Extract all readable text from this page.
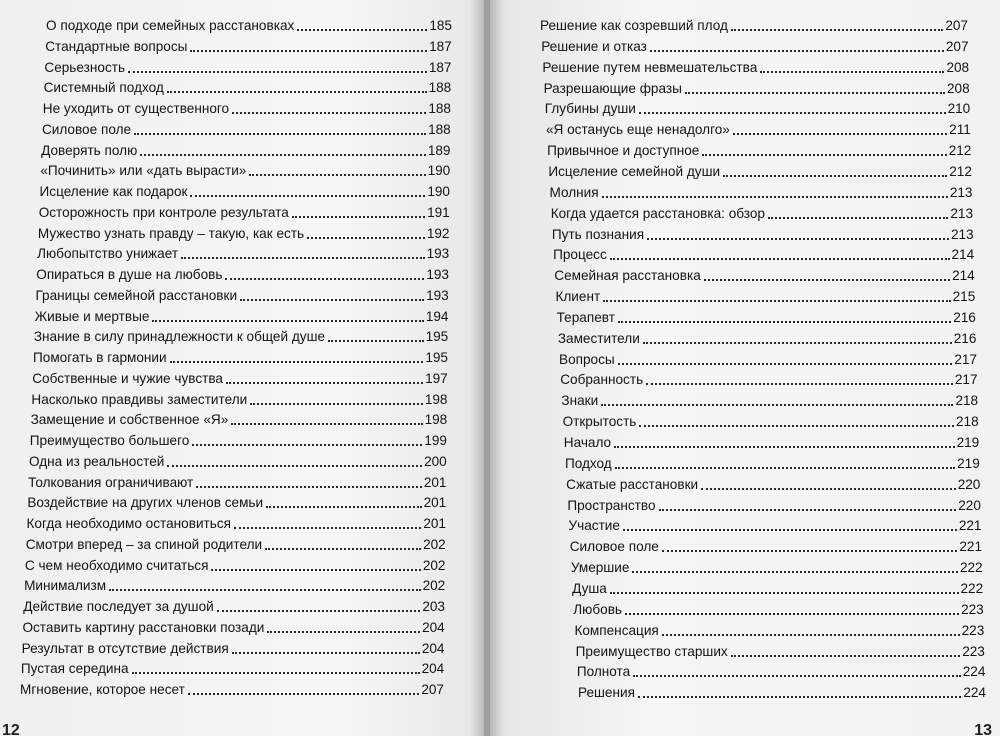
О подходе при семейных расстановках	185
Стандартные вопросы	187
Серьезность	187
Системный подход	188
Не уходить от существенного	188
Силовое поле	188
Доверять полю	189
«Починить» или «дать вырасти»	190
Исцеление как подарок	190
Осторожность при контроле результата	191
Мужество узнать правду – такую, как есть	192
Любопытство унижает	193
Опираться в душе на любовь	193
Границы семейной расстановки	193
Живые и мертвые	194
Знание в силу принадлежности к общей душе	195
Помогать в гармонии	195
Собственные и чужие чувства	197
Насколько правдивы заместители	198
Замещение и собственное «Я»	198
Преимущество большего	199
Одна из реальностей	200
Толкования ограничивают	201
Воздействие на других членов семьи	201
Когда необходимо остановиться	201
Смотри вперед – за спиной родители	202
С чем необходимо считаться	202
Минимализм	202
Действие последует за душой	203
Оставить картину расстановки позади	204
Результат в отсутствие действия	204
Пустая середина	204
Мгновение, которое несет	207
12
Решение как созревший плод	207
Решение и отказ	207
Решение путем невмешательства	208
Разрешающие фразы	208
Глубины души	210
«Я останусь еще ненадолго»	211
Привычное и доступное	212
Исцеление семейной души	212
Молния	213
Когда удается расстановка: обзор	213
Путь познания	213
Процесс	214
Семейная расстановка	214
Клиент	215
Терапевт	216
Заместители	216
Вопросы	217
Собранность	217
Знаки	218
Открытость	218
Начало	219
Подход	219
Сжатые расстановки	220
Пространство	220
Участие	221
Силовое поле	221
Умершие	222
Душа	222
Любовь	223
Компенсация	223
Преимущество старших	223
Полнота	224
Решения	224
13
